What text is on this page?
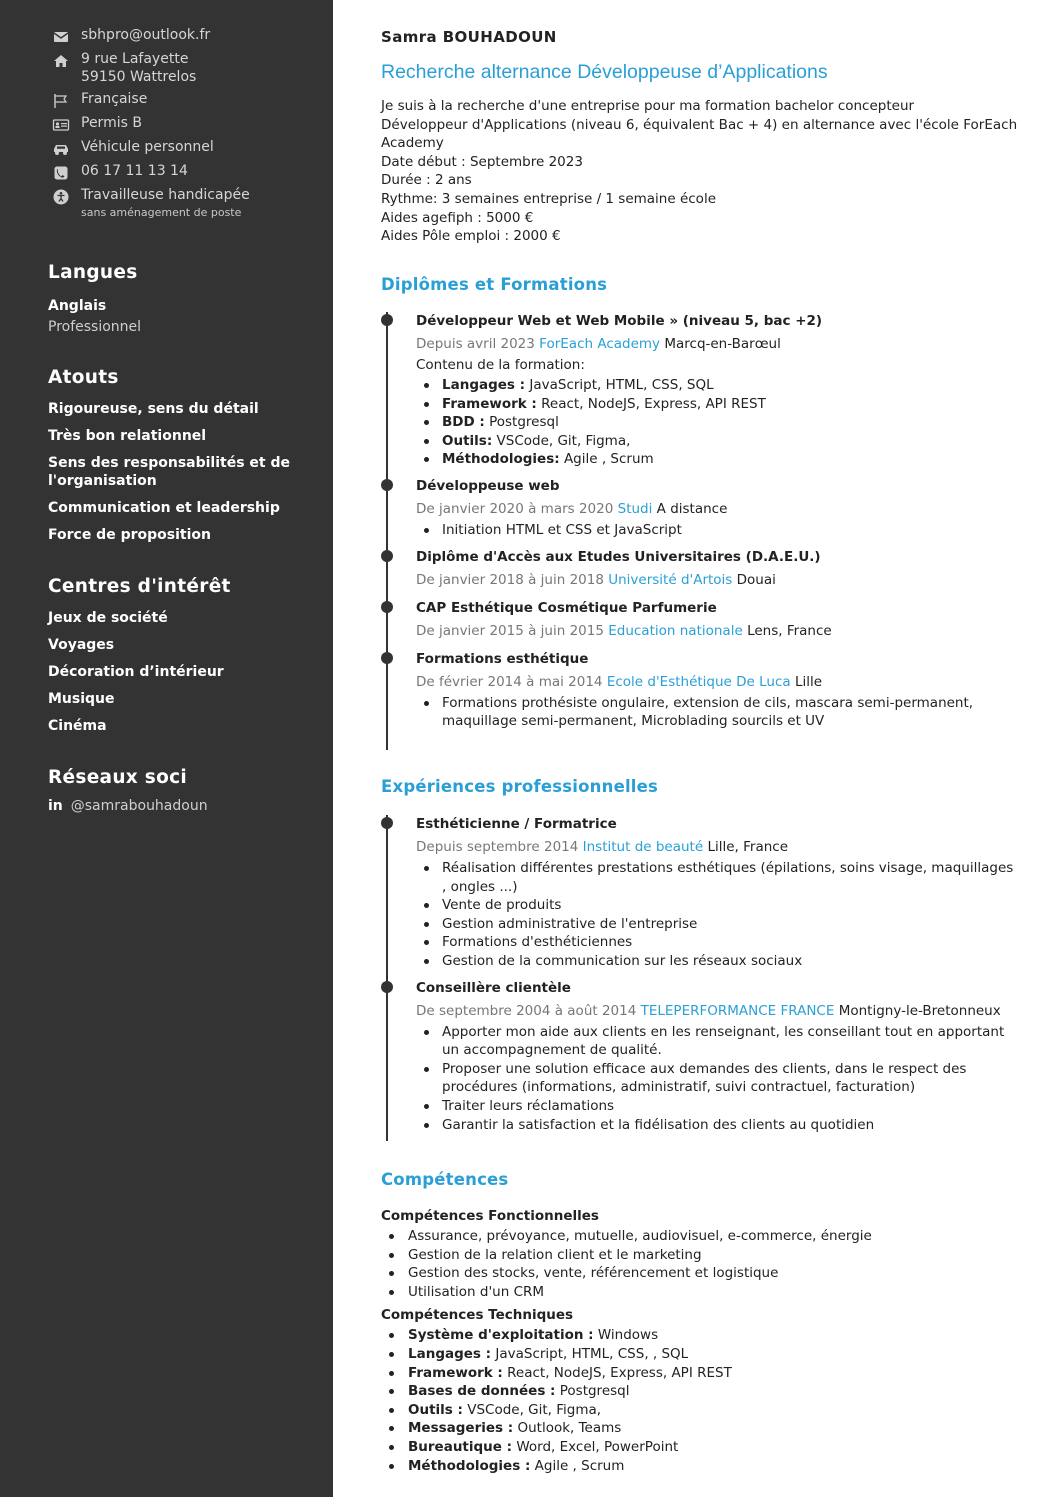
sbhpro@outlook.fr
9 rue Lafayette
59150 Wattrelos
Française
Permis B
Véhicule personnel
06 17 11 13 14
Travailleuse handicapée
sans aménagement de poste
Langues
Anglais
Professionnel
Atouts
Rigoureuse, sens du détail
Très bon relationnel
Sens des responsabilités et de l'organisation
Communication et leadership
Force de proposition
Centres d'intérêt
Jeux de société
Voyages
Décoration d’intérieur
Musique
Cinéma
Réseaux soci
in @samrabouhadoun
Samra BOUHADOUN
Recherche alternance Développeuse d’Applications
Je suis à la recherche d'une entreprise pour ma formation bachelor concepteur
Développeur d'Applications (niveau 6, équivalent Bac + 4) en alternance avec l'école ForEach
Academy
Date début : Septembre 2023
Durée : 2 ans
Rythme: 3 semaines entreprise / 1 semaine école
Aides agefiph : 5000 €
Aides Pôle emploi : 2000 €
Diplômes et Formations
Développeur Web et Web Mobile » (niveau 5, bac +2)
Depuis avril 2023 ForEach Academy Marcq-en-Barœul
Contenu de la formation:
Langages : JavaScript, HTML, CSS, SQL
Framework : React, NodeJS, Express, API REST
BDD : Postgresql
Outils: VSCode, Git, Figma,
Méthodologies: Agile , Scrum
Développeuse web
De janvier 2020 à mars 2020 Studi A distance
Initiation HTML et CSS et JavaScript
Diplôme d'Accès aux Etudes Universitaires (D.A.E.U.)
De janvier 2018 à juin 2018 Université d'Artois Douai
CAP Esthétique Cosmétique Parfumerie
De janvier 2015 à juin 2015 Education nationale Lens, France
Formations esthétique
De février 2014 à mai 2014 Ecole d'Esthétique De Luca Lille
Formations prothésiste ongulaire, extension de cils, mascara semi-permanent, maquillage semi-permanent, Microblading sourcils et UV
Expériences professionnelles
Esthéticienne / Formatrice
Depuis septembre 2014 Institut de beauté Lille, France
Réalisation différentes prestations esthétiques (épilations, soins visage, maquillages , ongles ...)
Vente de produits
Gestion administrative de l'entreprise
Formations d'esthéticiennes
Gestion de la communication sur les réseaux sociaux
Conseillère clientèle
De septembre 2004 à août 2014 TELEPERFORMANCE FRANCE Montigny-le-Bretonneux
Apporter mon aide aux clients en les renseignant, les conseillant tout en apportant un accompagnement de qualité.
Proposer une solution efficace aux demandes des clients, dans le respect des procédures (informations, administratif, suivi contractuel, facturation)
Traiter leurs réclamations
Garantir la satisfaction et la fidélisation des clients au quotidien
Compétences
Compétences Fonctionnelles
Assurance, prévoyance, mutuelle, audiovisuel, e-commerce, énergie
Gestion de la relation client et le marketing
Gestion des stocks, vente, référencement et logistique
Utilisation d'un CRM
Compétences Techniques
Système d'exploitation : Windows
Langages : JavaScript, HTML, CSS, , SQL
Framework : React, NodeJS, Express, API REST
Bases de données : Postgresql
Outils : VSCode, Git, Figma,
Messageries : Outlook, Teams
Bureautique : Word, Excel, PowerPoint
Méthodologies : Agile , Scrum
